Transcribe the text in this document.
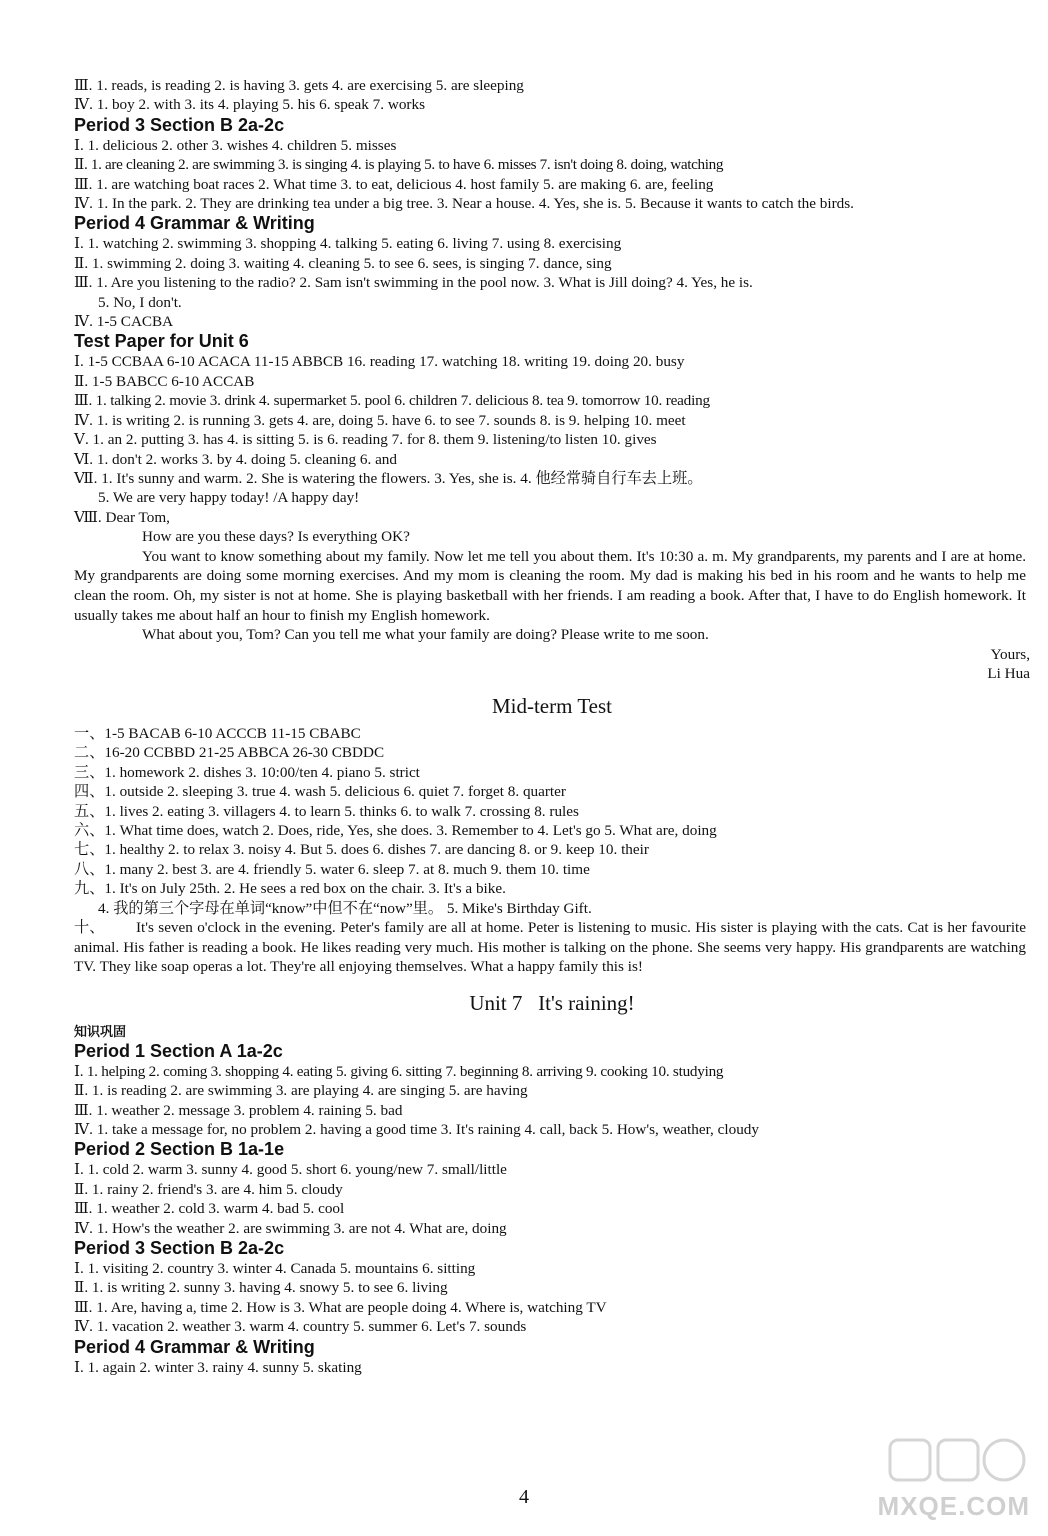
Ⅲ. 1. reads, is reading 2. is having 3. gets 4. are exercising 5. are sleeping
Ⅳ. 1. boy 2. with 3. its 4. playing 5. his 6. speak 7. works
Period 3 Section B 2a-2c
Ⅰ. 1. delicious 2. other 3. wishes 4. children 5. misses
Ⅱ. 1. are cleaning 2. are swimming 3. is singing 4. is playing 5. to have 6. misses 7. isn't doing 8. doing, watching
Ⅲ. 1. are watching boat races 2. What time 3. to eat, delicious 4. host family 5. are making 6. are, feeling
Ⅳ. 1. In the park. 2. They are drinking tea under a big tree. 3. Near a house. 4. Yes, she is. 5. Because it wants to catch the birds.
Period 4 Grammar & Writing
Ⅰ. 1. watching 2. swimming 3. shopping 4. talking 5. eating 6. living 7. using 8. exercising
Ⅱ. 1. swimming 2. doing 3. waiting 4. cleaning 5. to see 6. sees, is singing 7. dance, sing
Ⅲ. 1. Are you listening to the radio? 2. Sam isn't swimming in the pool now. 3. What is Jill doing? 4. Yes, he is.
5. No, I don't.
Ⅳ. 1-5 CACBA
Test Paper for Unit 6
Ⅰ. 1-5 CCBAA 6-10 ACACA 11-15 ABBCB 16. reading 17. watching 18. writing 19. doing 20. busy
Ⅱ. 1-5 BABCC 6-10 ACCAB
Ⅲ. 1. talking 2. movie 3. drink 4. supermarket 5. pool 6. children 7. delicious 8. tea 9. tomorrow 10. reading
Ⅳ. 1. is writing 2. is running 3. gets 4. are, doing 5. have 6. to see 7. sounds 8. is 9. helping 10. meet
Ⅴ. 1. an 2. putting 3. has 4. is sitting 5. is 6. reading 7. for 8. them 9. listening/to listen 10. gives
Ⅵ. 1. don't 2. works 3. by 4. doing 5. cleaning 6. and
Ⅶ. 1. It's sunny and warm. 2. She is watering the flowers. 3. Yes, she is. 4. 他经常骑自行车去上班。
5. We are very happy today! /A happy day!
Ⅷ. Dear Tom,
How are you these days? Is everything OK?
You want to know something about my family. Now let me tell you about them. It's 10:30 a. m. My grandparents, my parents and I are at home. My grandparents are doing some morning exercises. And my mom is cleaning the room. My dad is making his bed in his room and he wants to help me clean the room. Oh, my sister is not at home. She is playing basketball with her friends. I am reading a book. After that, I have to do English homework. It usually takes me about half an hour to finish my English homework.
What about you, Tom? Can you tell me what your family are doing? Please write to me soon.
Yours,
Li Hua
Mid-term Test
一、1-5 BACAB 6-10 ACCCB 11-15 CBABC
二、16-20 CCBBD 21-25 ABBCA 26-30 CBDDC
三、1. homework 2. dishes 3. 10:00/ten 4. piano 5. strict
四、1. outside 2. sleeping 3. true 4. wash 5. delicious 6. quiet 7. forget 8. quarter
五、1. lives 2. eating 3. villagers 4. to learn 5. thinks 6. to walk 7. crossing 8. rules
六、1. What time does, watch 2. Does, ride, Yes, she does. 3. Remember to 4. Let's go 5. What are, doing
七、1. healthy 2. to relax 3. noisy 4. But 5. does 6. dishes 7. are dancing 8. or 9. keep 10. their
八、1. many 2. best 3. are 4. friendly 5. water 6. sleep 7. at 8. much 9. them 10. time
九、1. It's on July 25th. 2. He sees a red box on the chair. 3. It's a bike.
4. 我的第三个字母在单词“know”中但不在“now”里。 5. Mike's Birthday Gift.
十、 It's seven o'clock in the evening. Peter's family are all at home. Peter is listening to music. His sister is playing with the cats. Cat is her favourite animal. His father is reading a book. He likes reading very much. His mother is talking on the phone. She seems very happy. His grandparents are watching TV. They like soap operas a lot. They're all enjoying themselves. What a happy family this is!
Unit 7   It's raining!
知识巩固
Period 1 Section A 1a-2c
Ⅰ. 1. helping 2. coming 3. shopping 4. eating 5. giving 6. sitting 7. beginning 8. arriving 9. cooking 10. studying
Ⅱ. 1. is reading 2. are swimming 3. are playing 4. are singing 5. are having
Ⅲ. 1. weather 2. message 3. problem 4. raining 5. bad
Ⅳ. 1. take a message for, no problem 2. having a good time 3. It's raining 4. call, back 5. How's, weather, cloudy
Period 2 Section B 1a-1e
Ⅰ. 1. cold 2. warm 3. sunny 4. good 5. short 6. young/new 7. small/little
Ⅱ. 1. rainy 2. friend's 3. are 4. him 5. cloudy
Ⅲ. 1. weather 2. cold 3. warm 4. bad 5. cool
Ⅳ. 1. How's the weather 2. are swimming 3. are not 4. What are, doing
Period 3 Section B 2a-2c
Ⅰ. 1. visiting 2. country 3. winter 4. Canada 5. mountains 6. sitting
Ⅱ. 1. is writing 2. sunny 3. having 4. snowy 5. to see 6. living
Ⅲ. 1. Are, having a, time 2. How is 3. What are people doing 4. Where is, watching TV
Ⅳ. 1. vacation 2. weather 3. warm 4. country 5. summer 6. Let's 7. sounds
Period 4 Grammar & Writing
Ⅰ. 1. again 2. winter 3. rainy 4. sunny 5. skating
4	MXQE.COM
